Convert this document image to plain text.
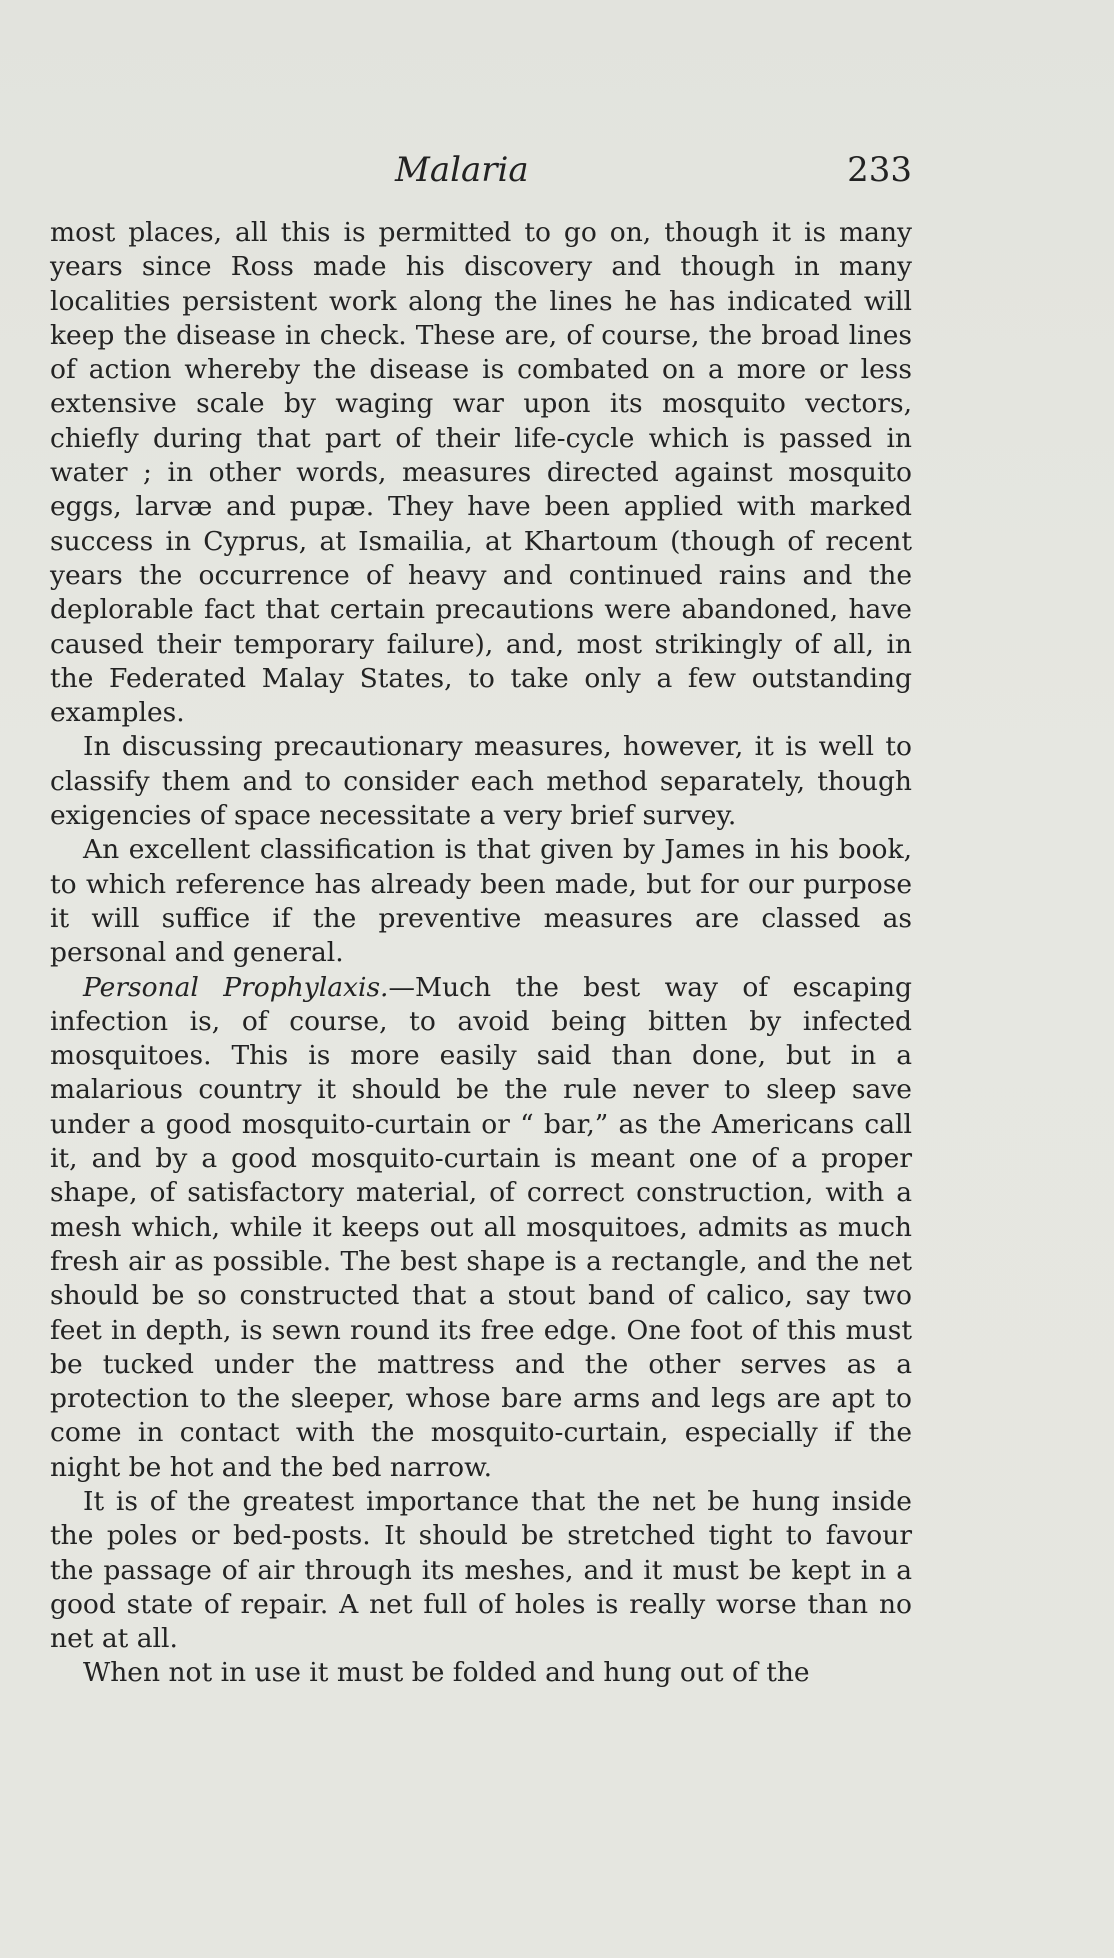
Malaria	233

most places, all this is permitted to go on, though it is many years since Ross made his discovery and though in many localities persistent work along the lines he has indicated will keep the disease in check. These are, of course, the broad lines of action whereby the disease is combated on a more or less extensive scale by waging war upon its mosquito vectors, chiefly during that part of their life-cycle which is passed in water ; in other words, measures directed against mosquito eggs, larvæ and pupæ. They have been applied with marked success in Cyprus, at Ismailia, at Khartoum (though of recent years the occurrence of heavy and continued rains and the deplorable fact that certain precautions were abandoned, have caused their temporary failure), and, most strikingly of all, in the Federated Malay States, to take only a few outstanding examples.

In discussing precautionary measures, however, it is well to classify them and to consider each method separately, though exigencies of space necessitate a very brief survey.

An excellent classification is that given by James in his book, to which reference has already been made, but for our purpose it will suffice if the preventive measures are classed as personal and general.

Personal Prophylaxis.—Much the best way of escaping infection is, of course, to avoid being bitten by infected mosquitoes. This is more easily said than done, but in a malarious country it should be the rule never to sleep save under a good mosquito-curtain or “ bar,” as the Americans call it, and by a good mosquito-curtain is meant one of a proper shape, of satisfactory material, of correct construction, with a mesh which, while it keeps out all mosquitoes, admits as much fresh air as possible. The best shape is a rectangle, and the net should be so constructed that a stout band of calico, say two feet in depth, is sewn round its free edge. One foot of this must be tucked under the mattress and the other serves as a protection to the sleeper, whose bare arms and legs are apt to come in contact with the mosquito-curtain, especially if the night be hot and the bed narrow.

It is of the greatest importance that the net be hung inside the poles or bed-posts. It should be stretched tight to favour the passage of air through its meshes, and it must be kept in a good state of repair. A net full of holes is really worse than no net at all.

When not in use it must be folded and hung out of the
